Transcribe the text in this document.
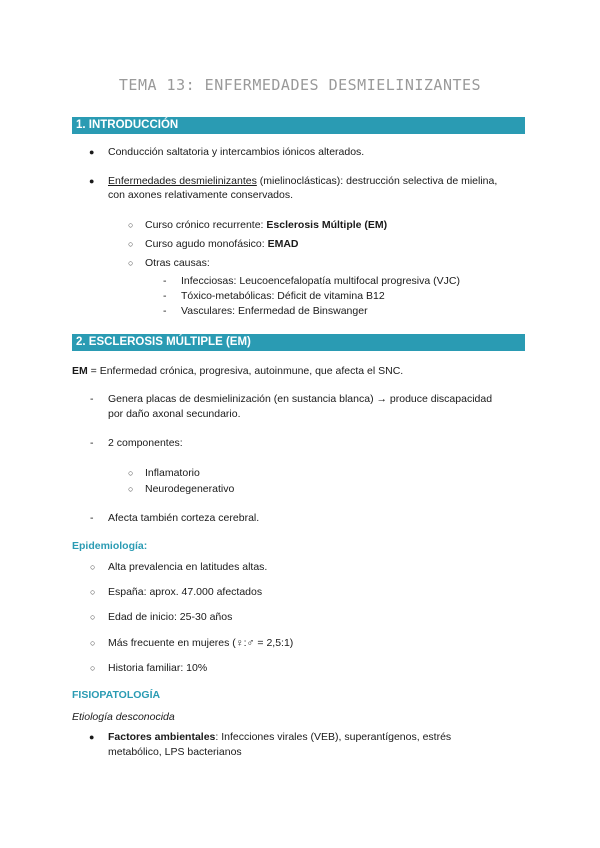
TEMA 13: ENFERMEDADES DESMIELINIZANTES
1. INTRODUCCIÓN
● Conducción saltatoria y intercambios iónicos alterados.
● Enfermedades desmielinizantes (mielinoclásticas): destrucción selectiva de mielina,
con axones relativamente conservados.
○ Curso crónico recurrente: Esclerosis Múltiple (EM)
○ Curso agudo monofásico: EMAD
○ Otras causas:
- Infecciosas: Leucoencefalopatía multifocal progresiva (VJC)
- Tóxico-metabólicas: Déficit de vitamina B12
- Vasculares: Enfermedad de Binswanger
2. ESCLEROSIS MÚLTIPLE (EM)
EM = Enfermedad crónica, progresiva, autoinmune, que afecta el SNC.
- Genera placas de desmielinización (en sustancia blanca) → produce discapacidad
por daño axonal secundario.
- 2 componentes:
○ Inflamatorio
○ Neurodegenerativo
- Afecta también corteza cerebral.
Epidemiología:
○ Alta prevalencia en latitudes altas.
○ España: aprox. 47.000 afectados
○ Edad de inicio: 25-30 años
○ Más frecuente en mujeres (♀:♂ = 2,5:1)
○ Historia familiar: 10%
FISIOPATOLOGÍA
Etiología desconocida
● Factores ambientales: Infecciones virales (VEB), superantígenos, estrés
metabólico, LPS bacterianos
